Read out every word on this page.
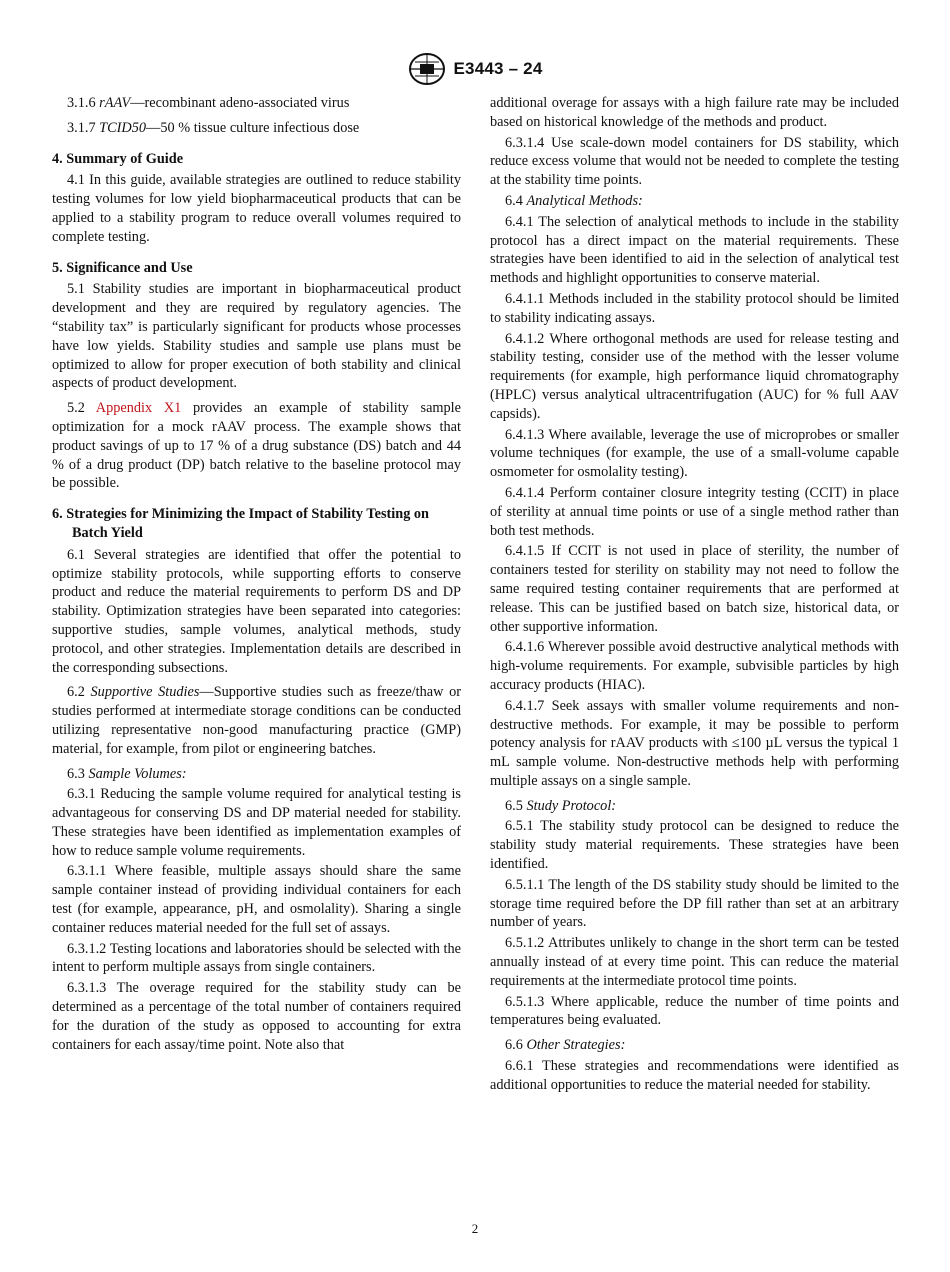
E3443 – 24

3.1.6 rAAV—recombinant adeno-associated virus

3.1.7 TCID50—50 % tissue culture infectious dose

4. Summary of Guide

4.1 In this guide, available strategies are outlined to reduce stability testing volumes for low yield biopharmaceutical products that can be applied to a stability program to reduce overall volumes required to complete testing.

5. Significance and Use

5.1 Stability studies are important in biopharmaceutical product development and they are required by regulatory agencies. The “stability tax” is particularly significant for products whose processes have low yields. Stability studies and sample use plans must be optimized to allow for proper execution of both stability and clinical aspects of product development.

5.2 Appendix X1 provides an example of stability sample optimization for a mock rAAV process. The example shows that product savings of up to 17 % of a drug substance (DS) batch and 44 % of a drug product (DP) batch relative to the baseline protocol may be possible.

6. Strategies for Minimizing the Impact of Stability Testing on Batch Yield

6.1 Several strategies are identified that offer the potential to optimize stability protocols, while supporting efforts to conserve product and reduce the material requirements to perform DS and DP stability. Optimization strategies have been separated into categories: supportive studies, sample volumes, analytical methods, study protocol, and other strategies. Implementation details are described in the corresponding subsections.

6.2 Supportive Studies—Supportive studies such as freeze/thaw or studies performed at intermediate storage conditions can be conducted utilizing representative non-good manufacturing practice (GMP) material, for example, from pilot or engineering batches.

6.3 Sample Volumes:

6.3.1 Reducing the sample volume required for analytical testing is advantageous for conserving DS and DP material needed for stability. These strategies have been identified as implementation examples of how to reduce sample volume requirements.

6.3.1.1 Where feasible, multiple assays should share the same sample container instead of providing individual containers for each test (for example, appearance, pH, and osmolality). Sharing a single container reduces material needed for the full set of assays.

6.3.1.2 Testing locations and laboratories should be selected with the intent to perform multiple assays from single containers.

6.3.1.3 The overage required for the stability study can be determined as a percentage of the total number of containers required for the duration of the study as opposed to accounting for extra containers for each assay/time point. Note also that

additional overage for assays with a high failure rate may be included based on historical knowledge of the methods and product.

6.3.1.4 Use scale-down model containers for DS stability, which reduce excess volume that would not be needed to complete the testing at the stability time points.

6.4 Analytical Methods:

6.4.1 The selection of analytical methods to include in the stability protocol has a direct impact on the material requirements. These strategies have been identified to aid in the selection of analytical test methods and highlight opportunities to conserve material.

6.4.1.1 Methods included in the stability protocol should be limited to stability indicating assays.

6.4.1.2 Where orthogonal methods are used for release testing and stability testing, consider use of the method with the lesser volume requirements (for example, high performance liquid chromatography (HPLC) versus analytical ultracentrifugation (AUC) for % full AAV capsids).

6.4.1.3 Where available, leverage the use of microprobes or smaller volume techniques (for example, the use of a small-volume capable osmometer for osmolality testing).

6.4.1.4 Perform container closure integrity testing (CCIT) in place of sterility at annual time points or use of a single method rather than both test methods.

6.4.1.5 If CCIT is not used in place of sterility, the number of containers tested for sterility on stability may not need to follow the same required testing container requirements that are performed at release. This can be justified based on batch size, historical data, or other supportive information.

6.4.1.6 Wherever possible avoid destructive analytical methods with high-volume requirements. For example, subvisible particles by high accuracy products (HIAC).

6.4.1.7 Seek assays with smaller volume requirements and non-destructive methods. For example, it may be possible to perform potency analysis for rAAV products with ≤100 µL versus the typical 1 mL sample volume. Non-destructive methods help with performing multiple assays on a single sample.

6.5 Study Protocol:

6.5.1 The stability study protocol can be designed to reduce the stability study material requirements. These strategies have been identified.

6.5.1.1 The length of the DS stability study should be limited to the storage time required before the DP fill rather than set at an arbitrary number of years.

6.5.1.2 Attributes unlikely to change in the short term can be tested annually instead of at every time point. This can reduce the material requirements at the intermediate protocol time points.

6.5.1.3 Where applicable, reduce the number of time points and temperatures being evaluated.

6.6 Other Strategies:

6.6.1 These strategies and recommendations were identified as additional opportunities to reduce the material needed for stability.

2
